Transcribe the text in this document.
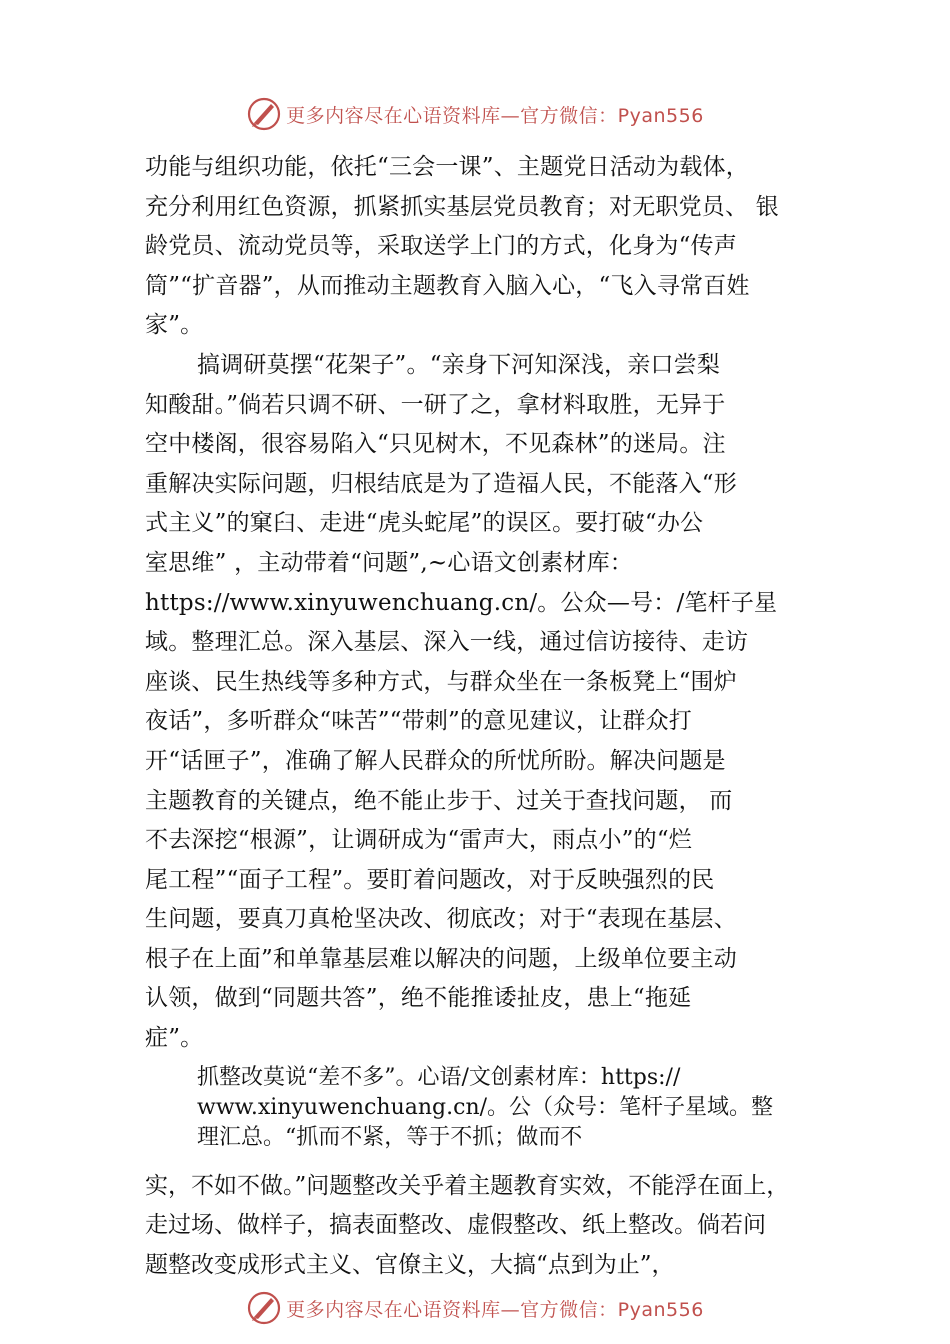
更多内容尽在心语资料库—官方微信：Pyan556

功能与组织功能，依托“三会一课”、主题党日活动为载体，

充分利用红色资源，抓紧抓实基层党员教育；对无职党员、 银

龄党员、流动党员等，采取送学上门的方式，化身为“传声

筒”“扩音器”，从而推动主题教育入脑入心，“飞入寻常百姓

家”。

搞调研莫摆“花架子”。“亲身下河知深浅，亲口尝梨

知酸甜。”倘若只调不研、一研了之，拿材料取胜，无异于

空中楼阁，很容易陷入“只见树木，不见森林”的迷局。注

重解决实际问题，归根结底是为了造福人民，不能落入“形

式主义”的窠臼、走进“虎头蛇尾”的误区。要打破“办公

室思维” ，主动带着“问题”,~心语文创素材库：

https://www.xinyuwenchuang.cn/。公众—号：/笔杆子星

域。整理汇总。深入基层、深入一线，通过信访接待、走访

座谈、民生热线等多种方式，与群众坐在一条板凳上“围炉

夜话”，多听群众“味苦”“带刺”的意见建议，让群众打

开“话匣子”，准确了解人民群众的所忧所盼。解决问题是

主题教育的关键点，绝不能止步于、过关于查找问题， 而

不去深挖“根源”，让调研成为“雷声大，雨点小”的“烂

尾工程”“面子工程”。要盯着问题改，对于反映强烈的民

生问题，要真刀真枪坚决改、彻底改；对于“表现在基层、

根子在上面”和单靠基层难以解决的问题，上级单位要主动

认领，做到“同题共答”，绝不能推诿扯皮，患上“拖延

症”。

抓整改莫说“差不多”。心语/文创素材库：https://

www.xinyuwenchuang.cn/。公（众号：笔杆子星域。整

理汇总。“抓而不紧，等于不抓；做而不

实，不如不做。”问题整改关乎着主题教育实效，不能浮在面上，

走过场、做样子，搞表面整改、虚假整改、纸上整改。倘若问

题整改变成形式主义、官僚主义，大搞“点到为止”，

更多内容尽在心语资料库—官方微信：Pyan556
